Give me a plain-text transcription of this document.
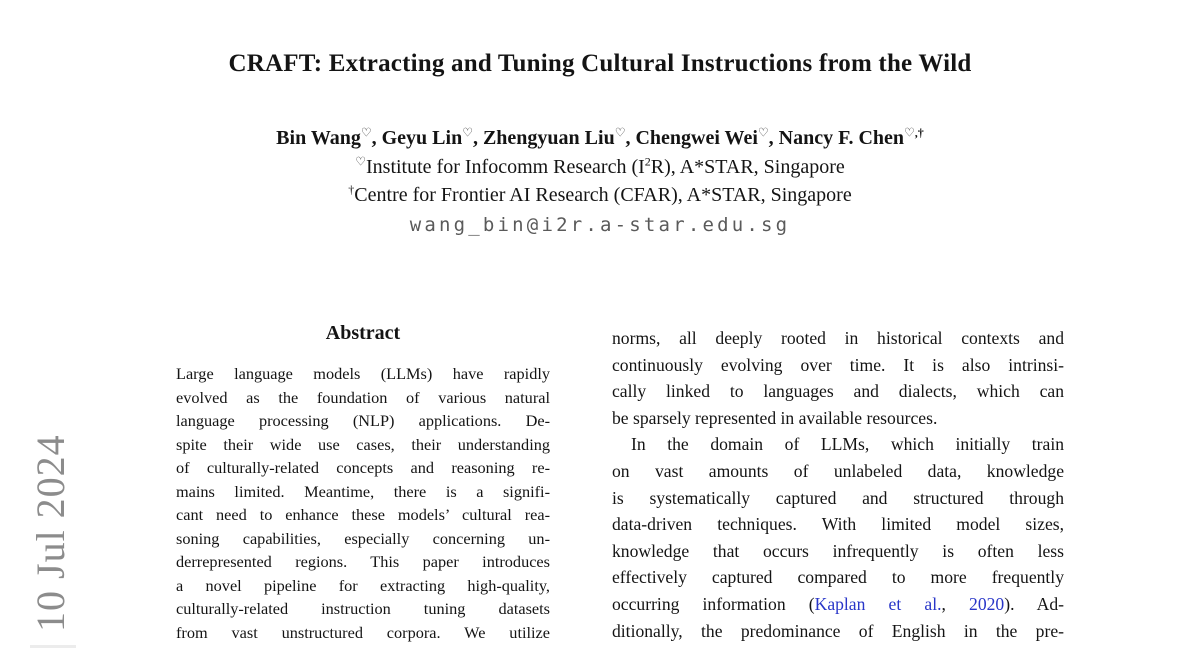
10 Jul 2024
CRAFT: Extracting and Tuning Cultural Instructions from the Wild
Bin Wang♡, Geyu Lin♡, Zhengyuan Liu♡, Chengwei Wei♡, Nancy F. Chen♡,†
♡Institute for Infocomm Research $(I^2R)$, A*STAR, Singapore
†Centre for Frontier AI Research (CFAR), A*STAR, Singapore
wang_bin@i2r.a-star.edu.sg
Abstract
Large language models (LLMs) have rapidly
evolved as the foundation of various natural
language processing (NLP) applications. De-
spite their wide use cases, their understanding
of culturally-related concepts and reasoning re-
mains limited. Meantime, there is a signifi-
cant need to enhance these models’ cultural rea-
soning capabilities, especially concerning un-
derrepresented regions. This paper introduces
a novel pipeline for extracting high-quality,
culturally-related instruction tuning datasets
from vast unstructured corpora. We utilize
norms, all deeply rooted in historical contexts and
continuously evolving over time. It is also intrinsi-
cally linked to languages and dialects, which can
be sparsely represented in available resources.
In the domain of LLMs, which initially train
on vast amounts of unlabeled data, knowledge
is systematically captured and structured through
data-driven techniques. With limited model sizes,
knowledge that occurs infrequently is often less
effectively captured compared to more frequently
occurring information (Kaplan et al., 2020). Ad-
ditionally, the predominance of English in the pre-
